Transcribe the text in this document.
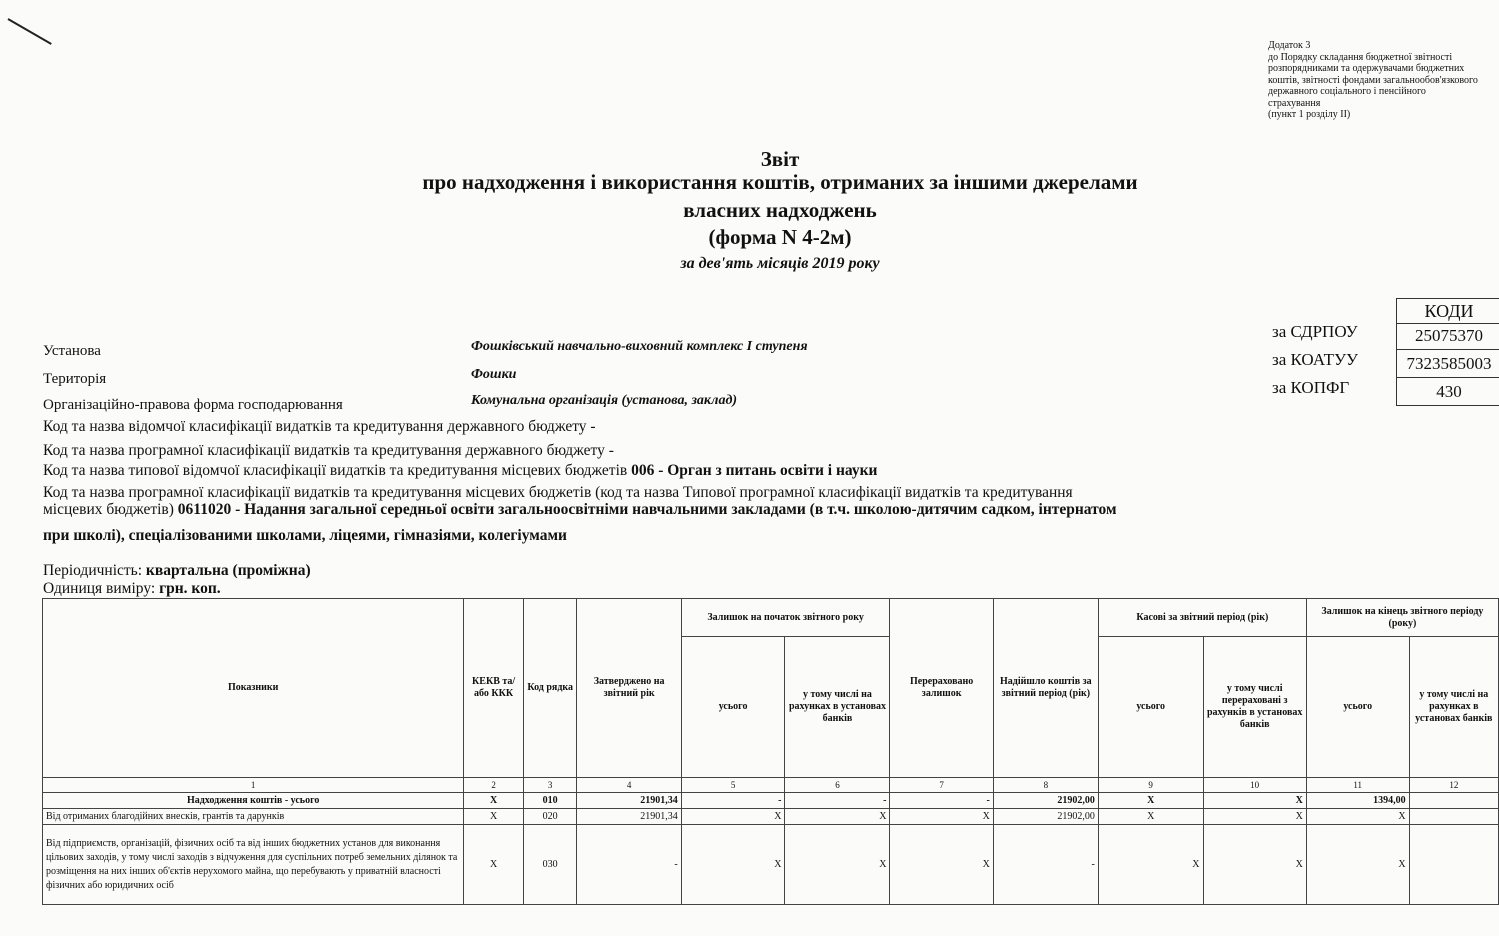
Додаток 3
до Порядку складання бюджетної звітності
розпорядниками та одержувачами бюджетних
коштів, звітності фондами загальнообов'язкового
державного соціального і пенсійного
страхування
(пункт 1 розділу II)
Звіт
про надходження і використання коштів, отриманих за іншими джерелами
власних надходжень
(форма N 4-2м)
за дев'ять місяців 2019 року
КОДИ
за СДРПОУ	25075370
за КОАТУУ	7323585003
за КОПФГ	430
Установа	Фошківський навчально-виховний комплекс І ступеня
Територія	Фошки
Організаційно-правова форма господарювання	Комунальна організація (установа, заклад)
Код та назва відомчої класифікації видатків та кредитування державного бюджету -
Код та назва програмної класифікації видатків та кредитування державного бюджету -
Код та назва типової відомчої класифікації видатків та кредитування місцевих бюджетів 006 - Орган з питань освіти і науки
Код та назва програмної класифікації видатків та кредитування місцевих бюджетів (код та назва Типової програмної класифікації видатків та кредитування
місцевих бюджетів) 0611020 - Надання загальної середньої освіти загальноосвітніми навчальними закладами (в т.ч. школою-дитячим садком, інтернатом
при школі), спеціалізованими школами, ліцеями, гімназіями, колегіумами
Періодичність: квартальна (проміжна)
Одиниця виміру: грн. коп.
Показники	КЕКВ та/або ККК	Код рядка	Затверджено на звітний рік	Залишок на початок звітного року		Перераховано залишок	Надійшло коштів за звітний період (рік)	Касові за звітний період (рік)		Залишок на кінець звітного періоду (року)	
				усього	у тому числі на рахунках в установах банків			усього	у тому числі перераховані з рахунків в установах банків	усього	у тому числі на рахунках в установах банків
1	2	3	4	5	6	7	8	9	10	11	12
Надходження коштів - усього	X	010	21901,34	-	-	-	21902,00	X	X	1394,00	
Від отриманих благодійних внесків, грантів та дарунків	X	020	21901,34	X	X	X	21902,00	X	X	X	
Від підприємств, організацій, фізичних осіб та від інших бюджетних установ для виконання цільових заходів, у тому числі заходів з відчуження для суспільних потреб земельних ділянок та розміщення на них інших об'єктів нерухомого майна, що перебувають у приватній власності фізичних або юридичних осіб	X	030	-	X	X	X	-	X	X	X	
